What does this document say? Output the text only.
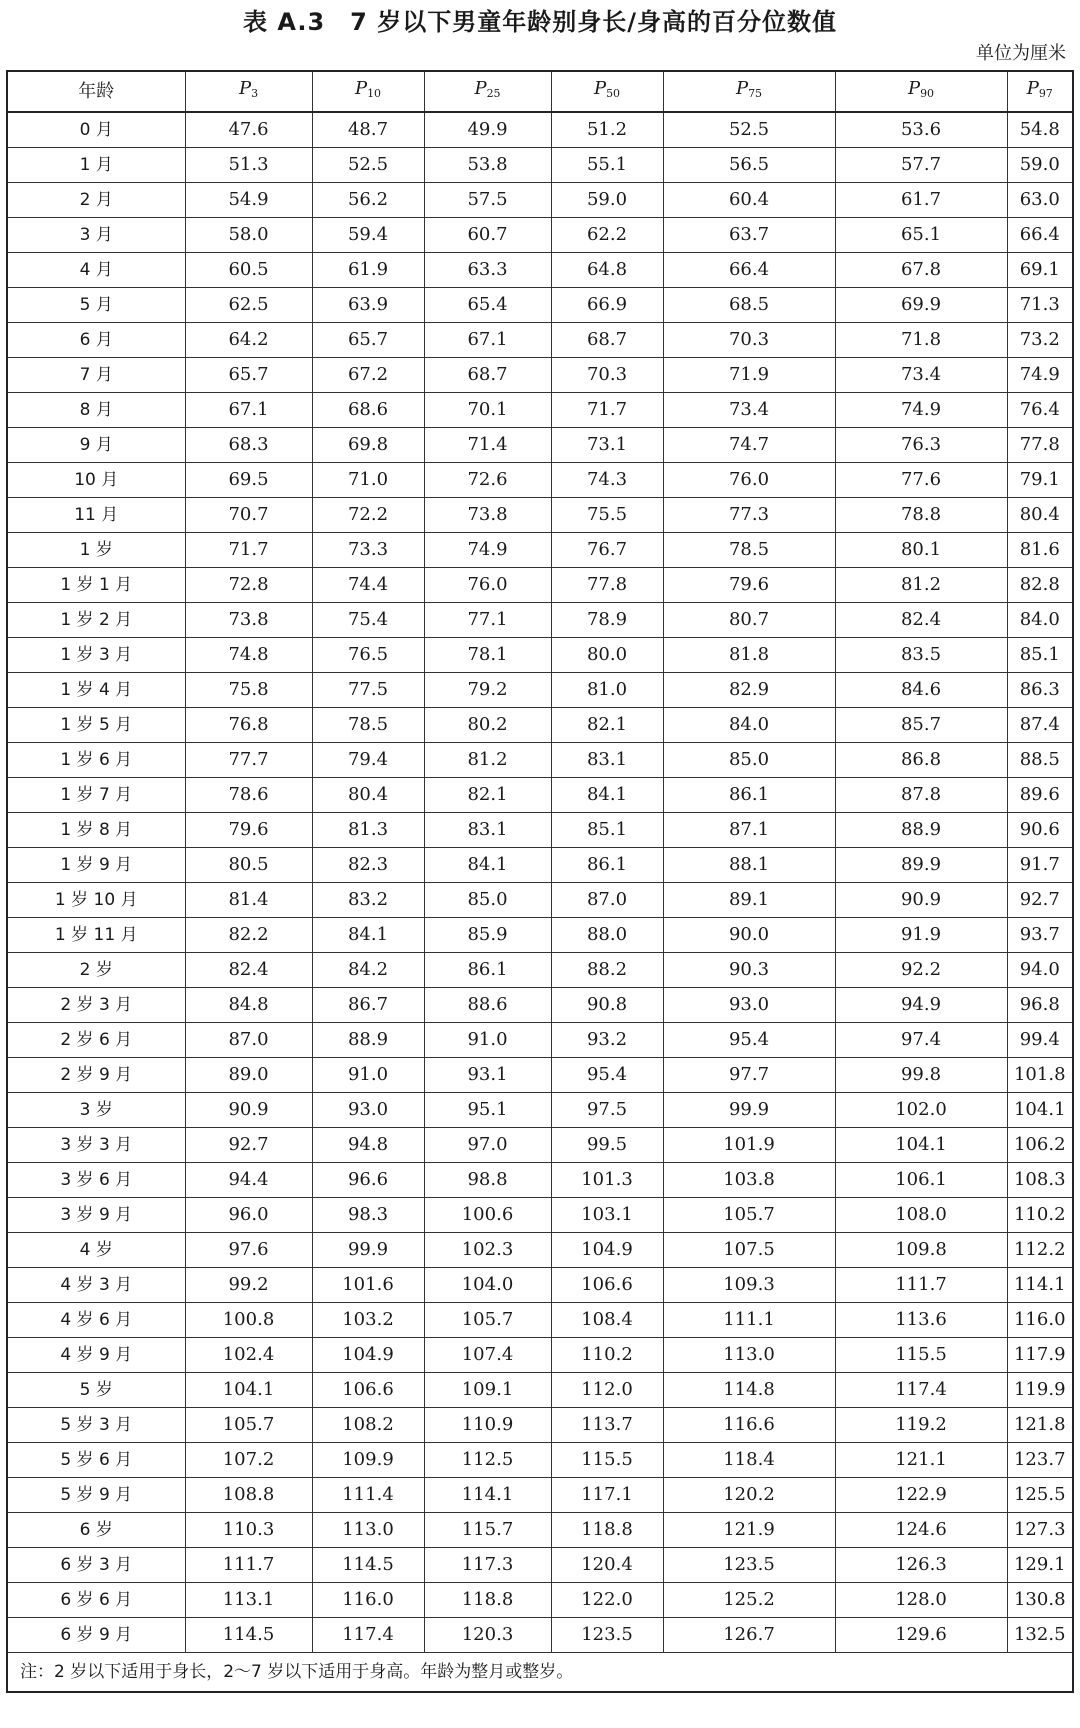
表 A.3　7 岁以下男童年龄别身长/身高的百分位数值
单位为厘米
年龄	P3	P10	P25	P50	P75	P90	P97
0 月	47.6	48.7	49.9	51.2	52.5	53.6	54.8
1 月	51.3	52.5	53.8	55.1	56.5	57.7	59.0
2 月	54.9	56.2	57.5	59.0	60.4	61.7	63.0
3 月	58.0	59.4	60.7	62.2	63.7	65.1	66.4
4 月	60.5	61.9	63.3	64.8	66.4	67.8	69.1
5 月	62.5	63.9	65.4	66.9	68.5	69.9	71.3
6 月	64.2	65.7	67.1	68.7	70.3	71.8	73.2
7 月	65.7	67.2	68.7	70.3	71.9	73.4	74.9
8 月	67.1	68.6	70.1	71.7	73.4	74.9	76.4
9 月	68.3	69.8	71.4	73.1	74.7	76.3	77.8
10 月	69.5	71.0	72.6	74.3	76.0	77.6	79.1
11 月	70.7	72.2	73.8	75.5	77.3	78.8	80.4
1 岁	71.7	73.3	74.9	76.7	78.5	80.1	81.6
1 岁 1 月	72.8	74.4	76.0	77.8	79.6	81.2	82.8
1 岁 2 月	73.8	75.4	77.1	78.9	80.7	82.4	84.0
1 岁 3 月	74.8	76.5	78.1	80.0	81.8	83.5	85.1
1 岁 4 月	75.8	77.5	79.2	81.0	82.9	84.6	86.3
1 岁 5 月	76.8	78.5	80.2	82.1	84.0	85.7	87.4
1 岁 6 月	77.7	79.4	81.2	83.1	85.0	86.8	88.5
1 岁 7 月	78.6	80.4	82.1	84.1	86.1	87.8	89.6
1 岁 8 月	79.6	81.3	83.1	85.1	87.1	88.9	90.6
1 岁 9 月	80.5	82.3	84.1	86.1	88.1	89.9	91.7
1 岁 10 月	81.4	83.2	85.0	87.0	89.1	90.9	92.7
1 岁 11 月	82.2	84.1	85.9	88.0	90.0	91.9	93.7
2 岁	82.4	84.2	86.1	88.2	90.3	92.2	94.0
2 岁 3 月	84.8	86.7	88.6	90.8	93.0	94.9	96.8
2 岁 6 月	87.0	88.9	91.0	93.2	95.4	97.4	99.4
2 岁 9 月	89.0	91.0	93.1	95.4	97.7	99.8	101.8
3 岁	90.9	93.0	95.1	97.5	99.9	102.0	104.1
3 岁 3 月	92.7	94.8	97.0	99.5	101.9	104.1	106.2
3 岁 6 月	94.4	96.6	98.8	101.3	103.8	106.1	108.3
3 岁 9 月	96.0	98.3	100.6	103.1	105.7	108.0	110.2
4 岁	97.6	99.9	102.3	104.9	107.5	109.8	112.2
4 岁 3 月	99.2	101.6	104.0	106.6	109.3	111.7	114.1
4 岁 6 月	100.8	103.2	105.7	108.4	111.1	113.6	116.0
4 岁 9 月	102.4	104.9	107.4	110.2	113.0	115.5	117.9
5 岁	104.1	106.6	109.1	112.0	114.8	117.4	119.9
5 岁 3 月	105.7	108.2	110.9	113.7	116.6	119.2	121.8
5 岁 6 月	107.2	109.9	112.5	115.5	118.4	121.1	123.7
5 岁 9 月	108.8	111.4	114.1	117.1	120.2	122.9	125.5
6 岁	110.3	113.0	115.7	118.8	121.9	124.6	127.3
6 岁 3 月	111.7	114.5	117.3	120.4	123.5	126.3	129.1
6 岁 6 月	113.1	116.0	118.8	122.0	125.2	128.0	130.8
6 岁 9 月	114.5	117.4	120.3	123.5	126.7	129.6	132.5
注：2 岁以下适用于身长，2〜7 岁以下适用于身高。年龄为整月或整岁。							
